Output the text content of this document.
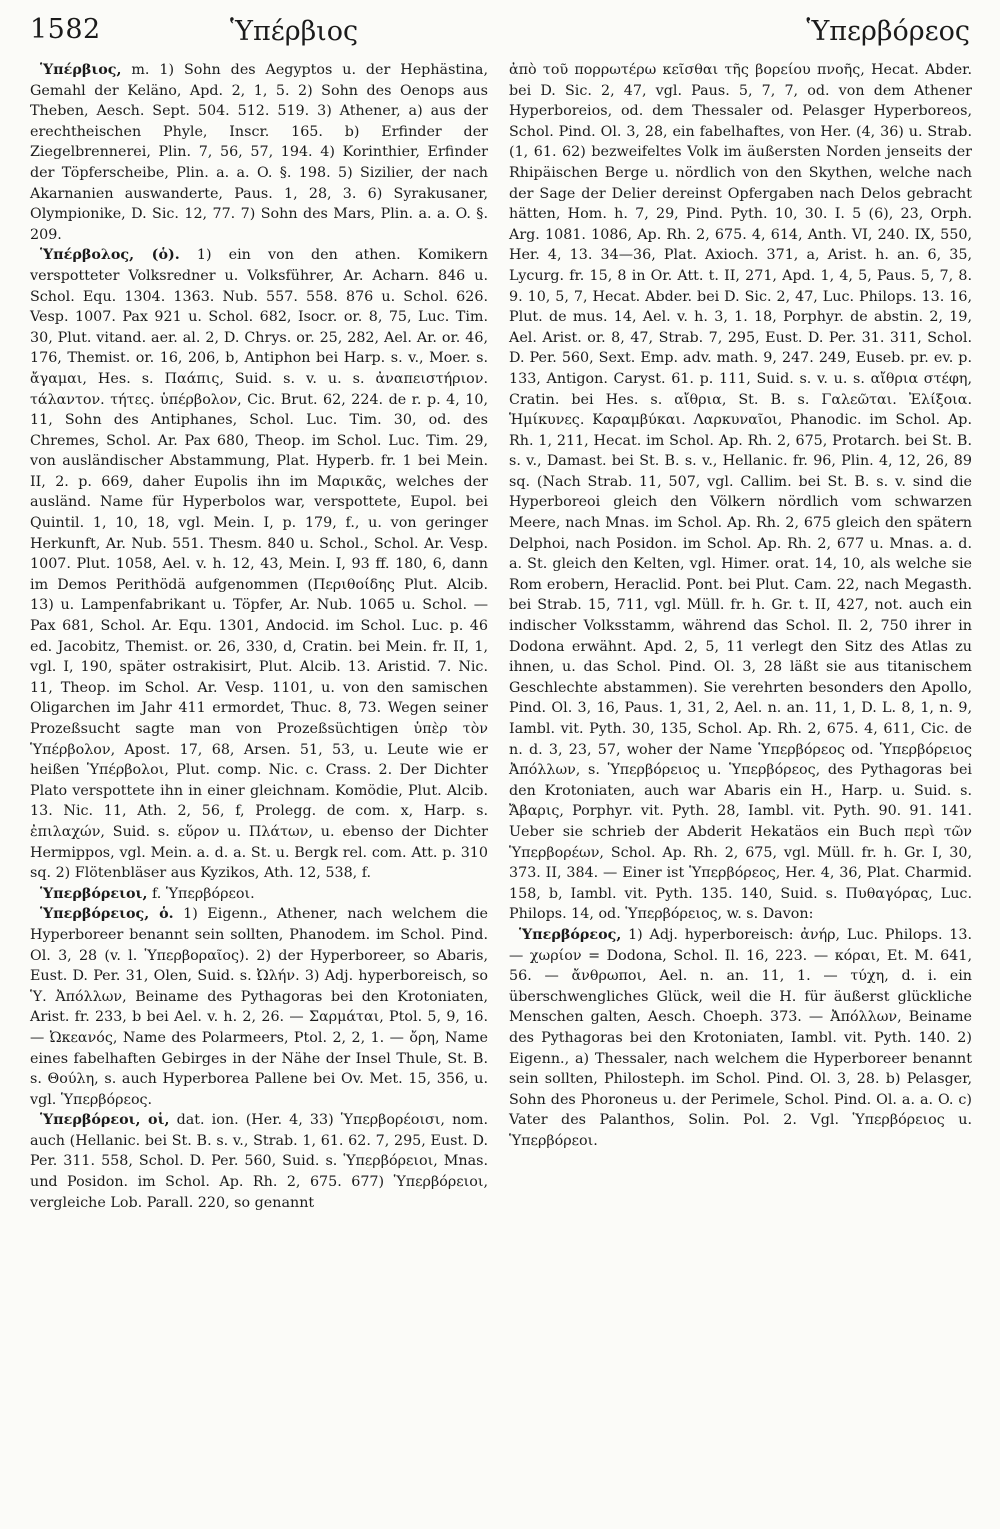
1582	Ὑπέρβιος	Ὑπερβόρεος

Ὑπέρβιος, m. 1) Sohn des Aegyptos u. der Hephästina, Gemahl der Keläno, Apd. 2, 1, 5. 2) Sohn des Oenops aus Theben, Aesch. Sept. 504. 512. 519. 3) Athener, a) aus der erechtheischen Phyle, Inscr. 165. b) Erfinder der Ziegelbrennerei, Plin. 7, 56, 57, 194. 4) Korinthier, Erfinder der Töpferscheibe, Plin. a. a. O. §. 198. 5) Sizilier, der nach Akarnanien auswanderte, Paus. 1, 28, 3. 6) Syrakusaner, Olympionike, D. Sic. 12, 77. 7) Sohn des Mars, Plin. a. a. O. §. 209.

Ὑπέρβολος, (ὁ). 1) ein von den athen. Komikern verspotteter Volksredner u. Volksführer, Ar. Acharn. 846 u. Schol. Equ. 1304. 1363. Nub. 557. 558. 876 u. Schol. 626. Vesp. 1007. Pax 921 u. Schol. 682, Isocr. or. 8, 75, Luc. Tim. 30, Plut. vitand. aer. al. 2, D. Chrys. or. 25, 282, Ael. Ar. or. 46, 176, Themist. or. 16, 206, b, Antiphon bei Harp. s. v., Moer. s. ἄγαμαι, Hes. s. Παάπις, Suid. s. v. u. s. ἀναπειστήριον. τάλαντον. τήτες. ὑπέρβολον, Cic. Brut. 62, 224. de r. p. 4, 10, 11, Sohn des Antiphanes, Schol. Luc. Tim. 30, od. des Chremes, Schol. Ar. Pax 680, Theop. im Schol. Luc. Tim. 29, von ausländischer Abstammung, Plat. Hyperb. fr. 1 bei Mein. II, 2. p. 669, daher Eupolis ihn im Μαρικᾶς, welches der ausländ. Name für Hyperbolos war, verspottete, Eupol. bei Quintil. 1, 10, 18, vgl. Mein. I, p. 179, f., u. von geringer Herkunft, Ar. Nub. 551. Thesm. 840 u. Schol., Schol. Ar. Vesp. 1007. Plut. 1058, Ael. v. h. 12, 43, Mein. I, 93 ff. 180, 6, dann im Demos Perithödä aufgenommen (Περιθοίδης Plut. Alcib. 13) u. Lampenfabrikant u. Töpfer, Ar. Nub. 1065 u. Schol. — Pax 681, Schol. Ar. Equ. 1301, Andocid. im Schol. Luc. p. 46 ed. Jacobitz, Themist. or. 26, 330, d, Cratin. bei Mein. fr. II, 1, vgl. I, 190, später ostrakisirt, Plut. Alcib. 13. Aristid. 7. Nic. 11, Theop. im Schol. Ar. Vesp. 1101, u. von den samischen Oligarchen im Jahr 411 ermordet, Thuc. 8, 73. Wegen seiner Prozeßsucht sagte man von Prozeßsüchtigen ὑπὲρ τὸν Ὑπέρβολον, Apost. 17, 68, Arsen. 51, 53, u. Leute wie er heißen Ὑπέρβολοι, Plut. comp. Nic. c. Crass. 2. Der Dichter Plato verspottete ihn in einer gleichnam. Komödie, Plut. Alcib. 13. Nic. 11, Ath. 2, 56, f, Prolegg. de com. x, Harp. s. ἐπιλαχών, Suid. s. εὕρον u. Πλάτων, u. ebenso der Dichter Hermippos, vgl. Mein. a. d. a. St. u. Bergk rel. com. Att. p. 310 sq. 2) Flötenbläser aus Kyzikos, Ath. 12, 538, f.

Ὑπερβόρειοι, f. Ὑπερβόρεοι.

Ὑπερβόρειος, ὁ. 1) Eigenn., Athener, nach welchem die Hyperboreer benannt sein sollten, Phanodem. im Schol. Pind. Ol. 3, 28 (v. l. Ὑπερβοραῖος). 2) der Hyperboreer, so Abaris, Eust. D. Per. 31, Olen, Suid. s. Ὠλήν. 3) Adj. hyperboreisch, so Ὑ. Ἀπόλλων, Beiname des Pythagoras bei den Krotoniaten, Arist. fr. 233, b bei Ael. v. h. 2, 26. — Σαρμάται, Ptol. 5, 9, 16. — Ὠκεανός, Name des Polarmeers, Ptol. 2, 2, 1. — ὄρη, Name eines fabelhaften Gebirges in der Nähe der Insel Thule, St. B. s. Θούλη, s. auch Hyperborea Pallene bei Ov. Met. 15, 356, u. vgl. Ὑπερβόρεος.

Ὑπερβόρεοι, οἱ, dat. ion. (Her. 4, 33) Ὑπερβορέοισι, nom. auch (Hellanic. bei St. B. s. v., Strab. 1, 61. 62. 7, 295, Eust. D. Per. 311. 558, Schol. D. Per. 560, Suid. s. Ὑπερβόρειοι, Mnas. und Posidon. im Schol. Ap. Rh. 2, 675. 677) Ὑπερβόρειοι, vergleiche Lob. Parall. 220, so genannt

ἀπὸ τοῦ πορρωτέρω κεῖσθαι τῆς βορείου πνοῆς, Hecat. Abder. bei D. Sic. 2, 47, vgl. Paus. 5, 7, 7, od. von dem Athener Hyperboreios, od. dem Thessaler od. Pelasger Hyperboreos, Schol. Pind. Ol. 3, 28, ein fabelhaftes, von Her. (4, 36) u. Strab. (1, 61. 62) bezweifeltes Volk im äußersten Norden jenseits der Rhipäischen Berge u. nördlich von den Skythen, welche nach der Sage der Delier dereinst Opfergaben nach Delos gebracht hätten, Hom. h. 7, 29, Pind. Pyth. 10, 30. I. 5 (6), 23, Orph. Arg. 1081. 1086, Ap. Rh. 2, 675. 4, 614, Anth. VI, 240. IX, 550, Her. 4, 13. 34—36, Plat. Axioch. 371, a, Arist. h. an. 6, 35, Lycurg. fr. 15, 8 in Or. Att. t. II, 271, Apd. 1, 4, 5, Paus. 5, 7, 8. 9. 10, 5, 7, Hecat. Abder. bei D. Sic. 2, 47, Luc. Philops. 13. 16, Plut. de mus. 14, Ael. v. h. 3, 1. 18, Porphyr. de abstin. 2, 19, Ael. Arist. or. 8, 47, Strab. 7, 295, Eust. D. Per. 31. 311, Schol. D. Per. 560, Sext. Emp. adv. math. 9, 247. 249, Euseb. pr. ev. p. 133, Antigon. Caryst. 61. p. 111, Suid. s. v. u. s. αἴθρια στέφη, Cratin. bei Hes. s. αἴθρια, St. B. s. Γαλεῶται. Ἐλίξοια. Ἡμίκυνες. Καραμβύκαι. Λαρκυναῖοι, Phanodic. im Schol. Ap. Rh. 1, 211, Hecat. im Schol. Ap. Rh. 2, 675, Protarch. bei St. B. s. v., Damast. bei St. B. s. v., Hellanic. fr. 96, Plin. 4, 12, 26, 89 sq. (Nach Strab. 11, 507, vgl. Callim. bei St. B. s. v. sind die Hyperboreoi gleich den Völkern nördlich vom schwarzen Meere, nach Mnas. im Schol. Ap. Rh. 2, 675 gleich den spätern Delphoi, nach Posidon. im Schol. Ap. Rh. 2, 677 u. Mnas. a. d. a. St. gleich den Kelten, vgl. Himer. orat. 14, 10, als welche sie Rom erobern, Heraclid. Pont. bei Plut. Cam. 22, nach Megasth. bei Strab. 15, 711, vgl. Müll. fr. h. Gr. t. II, 427, not. auch ein indischer Volksstamm, während das Schol. Il. 2, 750 ihrer in Dodona erwähnt. Apd. 2, 5, 11 verlegt den Sitz des Atlas zu ihnen, u. das Schol. Pind. Ol. 3, 28 läßt sie aus titanischem Geschlechte abstammen). Sie verehrten besonders den Apollo, Pind. Ol. 3, 16, Paus. 1, 31, 2, Ael. n. an. 11, 1, D. L. 8, 1, n. 9, Iambl. vit. Pyth. 30, 135, Schol. Ap. Rh. 2, 675. 4, 611, Cic. de n. d. 3, 23, 57, woher der Name Ὑπερβόρεος od. Ὑπερβόρειος Ἀπόλλων, s. Ὑπερβόρειος u. Ὑπερβόρεος, des Pythagoras bei den Krotoniaten, auch war Abaris ein H., Harp. u. Suid. s. Ἄβαρις, Porphyr. vit. Pyth. 28, Iambl. vit. Pyth. 90. 91. 141. Ueber sie schrieb der Abderit Hekatäos ein Buch περὶ τῶν Ὑπερβορέων, Schol. Ap. Rh. 2, 675, vgl. Müll. fr. h. Gr. I, 30, 373. II, 384. — Einer ist Ὑπερβόρεος, Her. 4, 36, Plat. Charmid. 158, b, Iambl. vit. Pyth. 135. 140, Suid. s. Πυθαγόρας, Luc. Philops. 14, od. Ὑπερβόρειος, w. s. Davon:

Ὑπερβόρεος, 1) Adj. hyperboreisch: ἀνήρ, Luc. Philops. 13. — χωρίον = Dodona, Schol. Il. 16, 223. — κόραι, Et. M. 641, 56. — ἄνθρωποι, Ael. n. an. 11, 1. — τύχη, d. i. ein überschwengliches Glück, weil die H. für äußerst glückliche Menschen galten, Aesch. Choeph. 373. — Ἀπόλλων, Beiname des Pythagoras bei den Krotoniaten, Iambl. vit. Pyth. 140. 2) Eigenn., a) Thessaler, nach welchem die Hyperboreer benannt sein sollten, Philosteph. im Schol. Pind. Ol. 3, 28. b) Pelasger, Sohn des Phoroneus u. der Perimele, Schol. Pind. Ol. a. a. O. c) Vater des Palanthos, Solin. Pol. 2. Vgl. Ὑπερβόρειος u. Ὑπερβόρεοι.
